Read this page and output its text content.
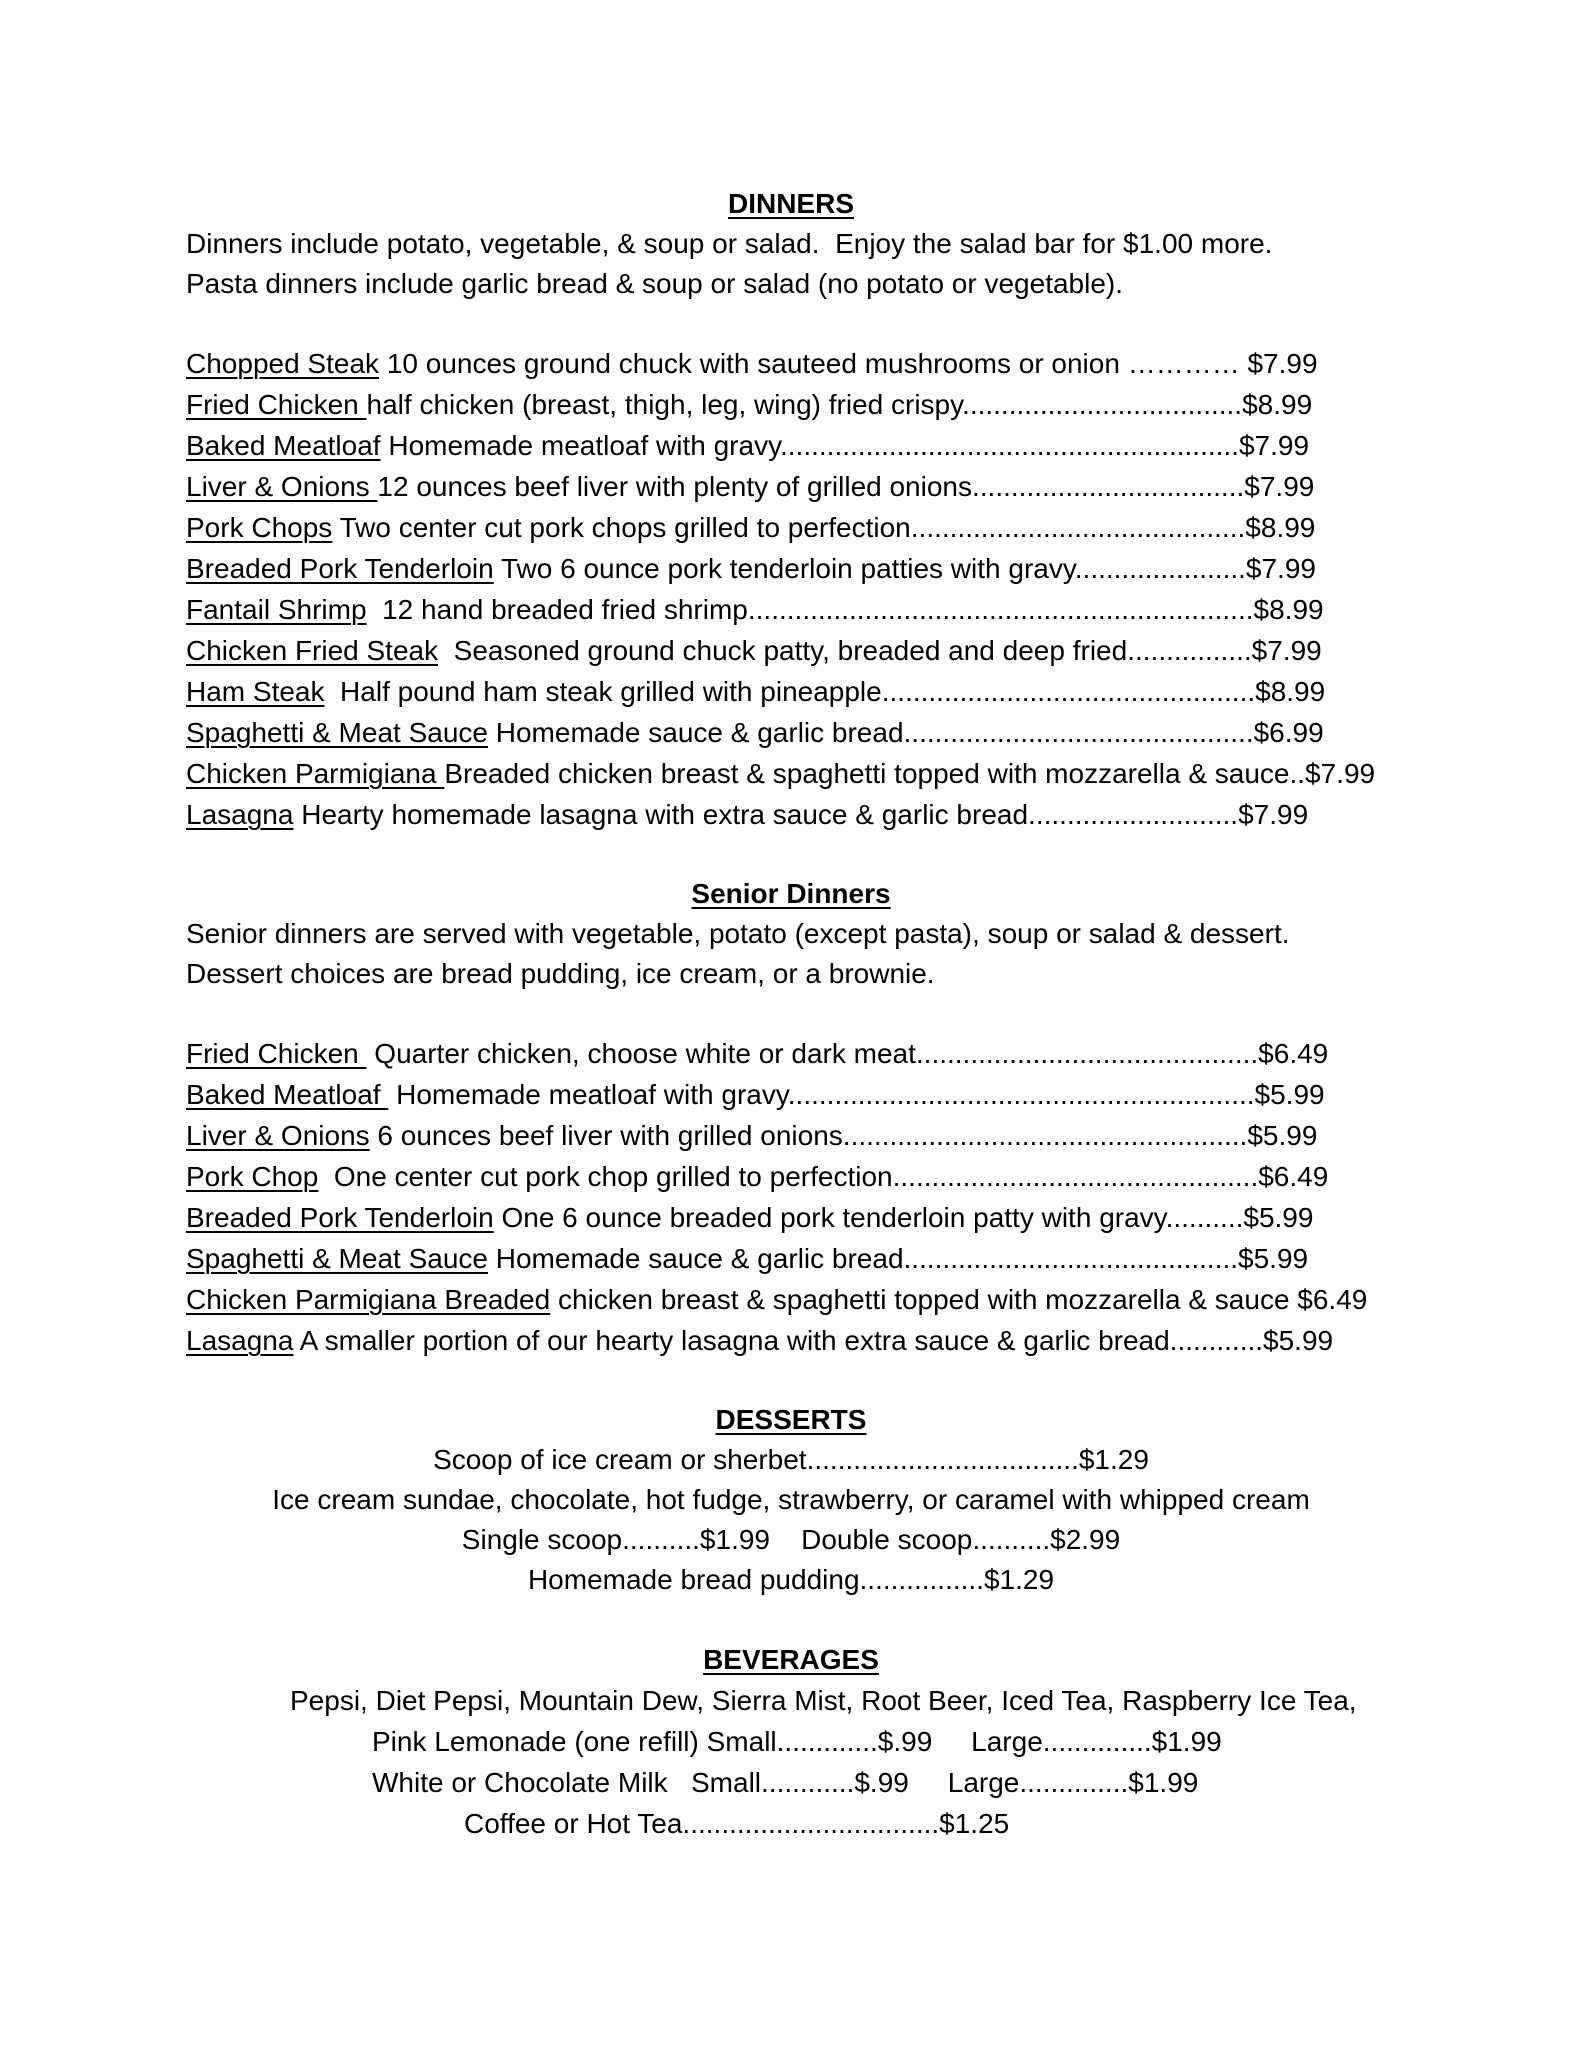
DINNERS
Dinners include potato, vegetable, & soup or salad.  Enjoy the salad bar for $1.00 more.
Pasta dinners include garlic bread & soup or salad (no potato or vegetable).
Chopped Steak 10 ounces ground chuck with sauteed mushrooms or onion ………… $7.99
Fried Chicken half chicken (breast, thigh, leg, wing) fried crispy....................................$8.99
Baked Meatloaf Homemade meatloaf with gravy...........................................................$7.99
Liver & Onions 12 ounces beef liver with plenty of grilled onions...................................$7.99
Pork Chops Two center cut pork chops grilled to perfection...........................................$8.99
Breaded Pork Tenderloin Two 6 ounce pork tenderloin patties with gravy......................$7.99
Fantail Shrimp  12 hand breaded fried shrimp.................................................................$8.99
Chicken Fried Steak  Seasoned ground chuck patty, breaded and deep fried................$7.99
Ham Steak  Half pound ham steak grilled with pineapple................................................$8.99
Spaghetti & Meat Sauce Homemade sauce & garlic bread.............................................$6.99
Chicken Parmigiana Breaded chicken breast & spaghetti topped with mozzarella & sauce..$7.99
Lasagna Hearty homemade lasagna with extra sauce & garlic bread...........................$7.99
Senior Dinners
Senior dinners are served with vegetable, potato (except pasta), soup or salad & dessert.
Dessert choices are bread pudding, ice cream, or a brownie.
Fried Chicken  Quarter chicken, choose white or dark meat............................................$6.49
Baked Meatloaf  Homemade meatloaf with gravy............................................................$5.99
Liver & Onions 6 ounces beef liver with grilled onions....................................................$5.99
Pork Chop  One center cut pork chop grilled to perfection...............................................$6.49
Breaded Pork Tenderloin One 6 ounce breaded pork tenderloin patty with gravy..........$5.99
Spaghetti & Meat Sauce Homemade sauce & garlic bread...........................................$5.99
Chicken Parmigiana Breaded chicken breast & spaghetti topped with mozzarella & sauce $6.49
Lasagna A smaller portion of our hearty lasagna with extra sauce & garlic bread............$5.99
DESSERTS
Scoop of ice cream or sherbet...................................$1.29
Ice cream sundae, chocolate, hot fudge, strawberry, or caramel with whipped cream
Single scoop..........$1.99    Double scoop..........$2.99
Homemade bread pudding................$1.29
BEVERAGES
Pepsi, Diet Pepsi, Mountain Dew, Sierra Mist, Root Beer, Iced Tea, Raspberry Ice Tea,
Pink Lemonade (one refill) Small.............$.99     Large..............$1.99
White or Chocolate Milk   Small............$.99     Large..............$1.99
Coffee or Hot Tea.................................$1.25
